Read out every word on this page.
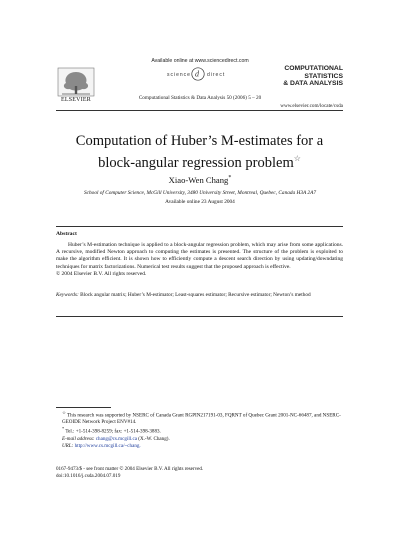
Available online at www.sciencedirect.com
science d direct
ELSEVIER	Computational Statistics & Data Analysis 50 (2006) 5 – 20
COMPUTATIONAL
STATISTICS
& DATA ANALYSIS
www.elsevier.com/locate/csda
Computation of Huber’s M-estimates for a
block-angular regression problem☆
Xiao-Wen Chang*
School of Computer Science, McGill University, 3480 University Street, Montreal, Quebec, Canada H3A 2A7
Available online 23 August 2004
Abstract

Huber’s M-estimation technique is applied to a block-angular regression problem, which may arise from some applications. A recursive, modified Newton approach to computing the estimates is presented. The structure of the problem is exploited to make the algorithm efficient. It is shown how to efficiently compute a descent search direction by using updating/downdating techniques for matrix factorizations. Numerical test results suggest that the proposed approach is effective.

© 2004 Elsevier B.V. All rights reserved.

Keywords: Block angular matrix; Huber’s M-estimator; Least-squares estimator; Recursive estimator; Newton’s method
☆ This research was supported by NSERC of Canada Grant RGPIN217191-03, FQRNT of Quebec Grant 2001-NC-66487, and NSERC-GEOIDE Network Project ENV#14.
* Tel.: +1-514-398-8259; fax: +1-514-398-3883.
E-mail address: chang@cs.mcgill.ca (X.-W. Chang).
URL: http://www.cs.mcgill.ca/~chang.
0167-9473/$ - see front matter © 2004 Elsevier B.V. All rights reserved.
doi:10.1016/j.csda.2004.07.019
